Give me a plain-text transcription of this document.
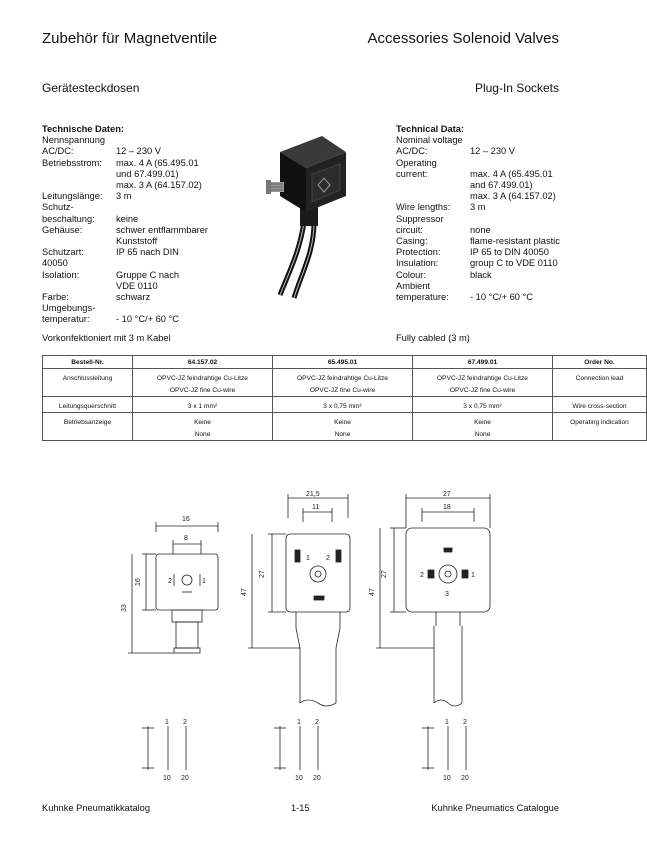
Zubehör für Magnetventile	Accessories Solenoid Valves
Gerätesteckdosen	Plug-In Sockets
Technische Daten:
Nennspannung
AC/DC:	12 – 230 V
Betriebsstrom:	max. 4 A (65.495.01
und 67.499.01)
max. 3 A (64.157.02)
Leitungslänge:	3 m
Schutz-
beschaltung:	keine
Gehäuse:	schwer entflammbarer
Kunststoff
Schutzart:	IP 65 nach DIN
40050
Isolation:	Gruppe C nach
VDE 0110
Farbe:	schwarz
Umgebungs-
temperatur:	- 10 °C/+ 60 °C
Vorkonfektioniert mit 3 m Kabel
Technical Data:
Nominal voltage
AC/DC:	12 – 230 V
Operating
current:	max. 4 A (65.495.01
and 67.499.01)
max. 3 A (64.157.02)
Wire lengths:	3 m
Suppressor
circuit:	none
Casing:	flame-resistant plastic
Protection:	IP 65 to DIN 40050
Insulation:	group C to VDE 0110
Colour:	black
Ambient
temperature:	- 10 °C/+ 60 °C
Fully cabled (3 m)
Bestell-Nr.	64.157.02	65.495.01	67.499.01	Order No.
Anschlussleitung	OPVC-JZ feindrahtige Cu-Litze	OPVC-JZ feindrahtige Cu-Litze	OPVC-JZ feindrahtige Cu-Litze	Connection lead
	OPVC-JZ fine Cu-wire	OPVC-JZ fine Cu-wire	OPVC-JZ fine Cu-wire	
Leitungsquerschnitt	3 x 1 mm²	3 x 0,75 mm²	3 x 0,75 mm²	Wire cross-section
Betriebsanzeige	Keine	Keine	Keine	Operating indication
	None	None	None	
16
8
16
33
21,5
11
27
47
27
18
27
47
1 2
10 20
1 2
10 20
1 2
10 20
2	1
1 2
2	1
3
Kuhnke Pneumatikkatalog	1-15	Kuhnke Pneumatics Catalogue
